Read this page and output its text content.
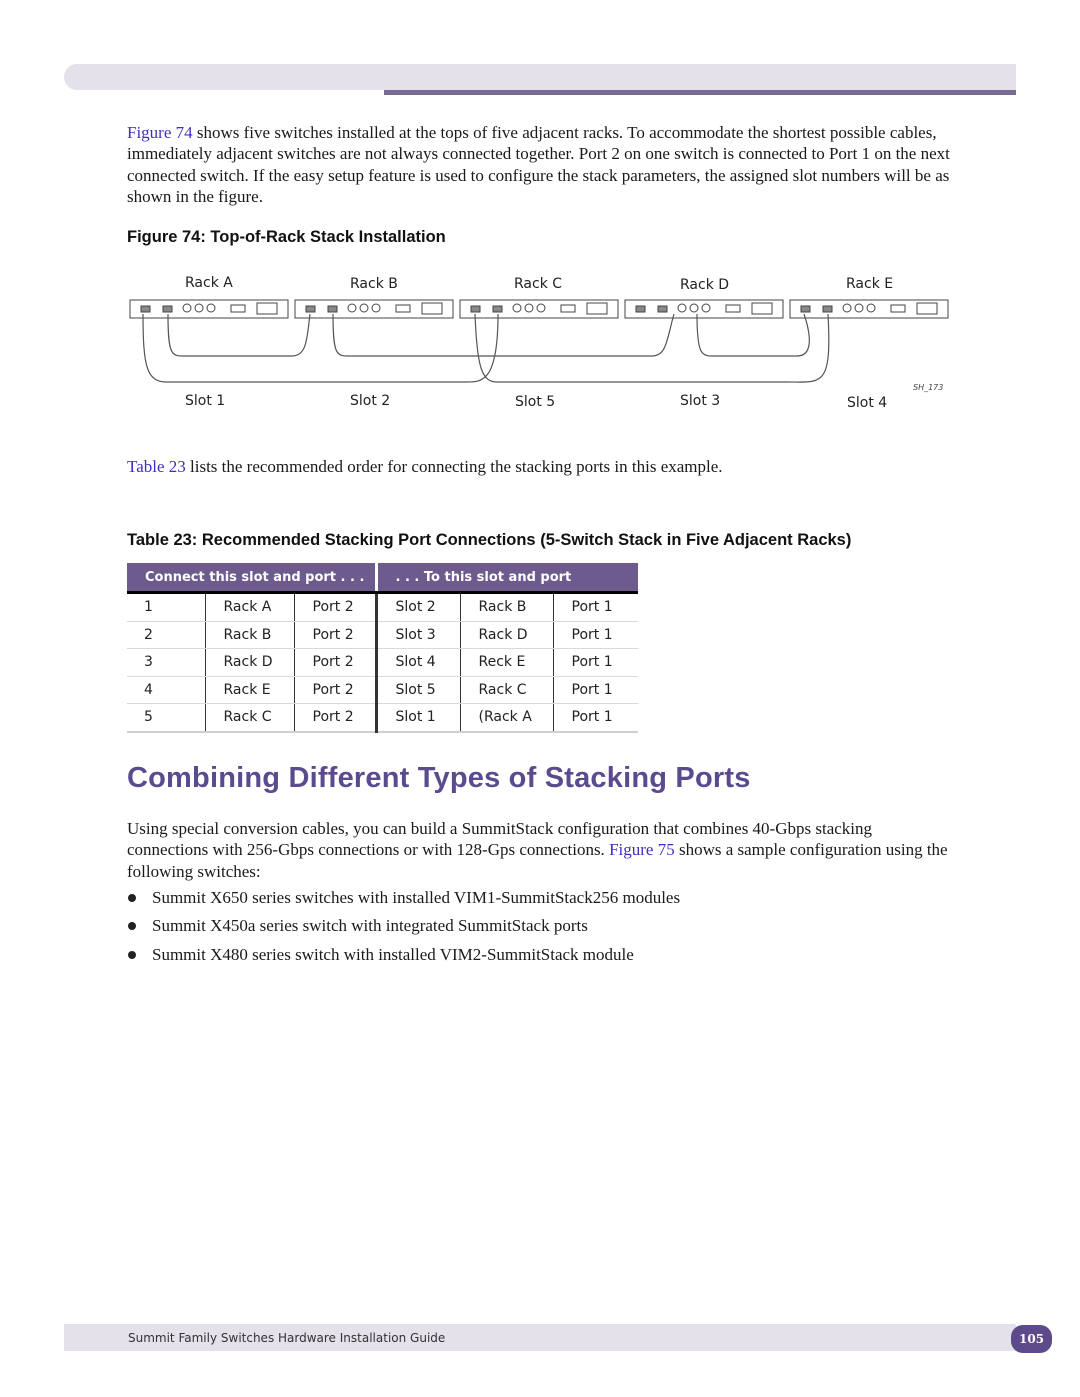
Figure 74 shows five switches installed at the tops of five adjacent racks. To accommodate the shortest possible cables, immediately adjacent switches are not always connected together. Port 2 on one switch is connected to Port 1 on the next connected switch. If the easy setup feature is used to configure the stack parameters, the assigned slot numbers will be as shown in the figure.

Figure 74: Top-of-Rack Stack Installation

Rack A	Rack B	Rack C	Rack D	Rack E
SH_173
Slot 1	Slot 2	Slot 5	Slot 3	Slot 4

Table 23 lists the recommended order for connecting the stacking ports in this example.

Table 23: Recommended Stacking Port Connections (5-Switch Stack in Five Adjacent Racks)

Connect this slot and port . . .			. . . To this slot and port		
1	Rack A	Port 2	Slot 2	Rack B	Port 1
2	Rack B	Port 2	Slot 3	Rack D	Port 1
3	Rack D	Port 2	Slot 4	Reck E	Port 1
4	Rack E	Port 2	Slot 5	Rack C	Port 1
5	Rack C	Port 2	Slot 1	(Rack A	Port 1
Combining Different Types of Stacking Ports

Using special conversion cables, you can build a SummitStack configuration that combines 40-Gbps stacking connections with 256-Gbps connections or with 128-Gps connections. Figure 75 shows a sample configuration using the following switches:

Summit X650 series switches with installed VIM1-SummitStack256 modules
Summit X450a series switch with integrated SummitStack ports
Summit X480 series switch with installed VIM2-SummitStack module
Summit Family Switches Hardware Installation Guide	105
